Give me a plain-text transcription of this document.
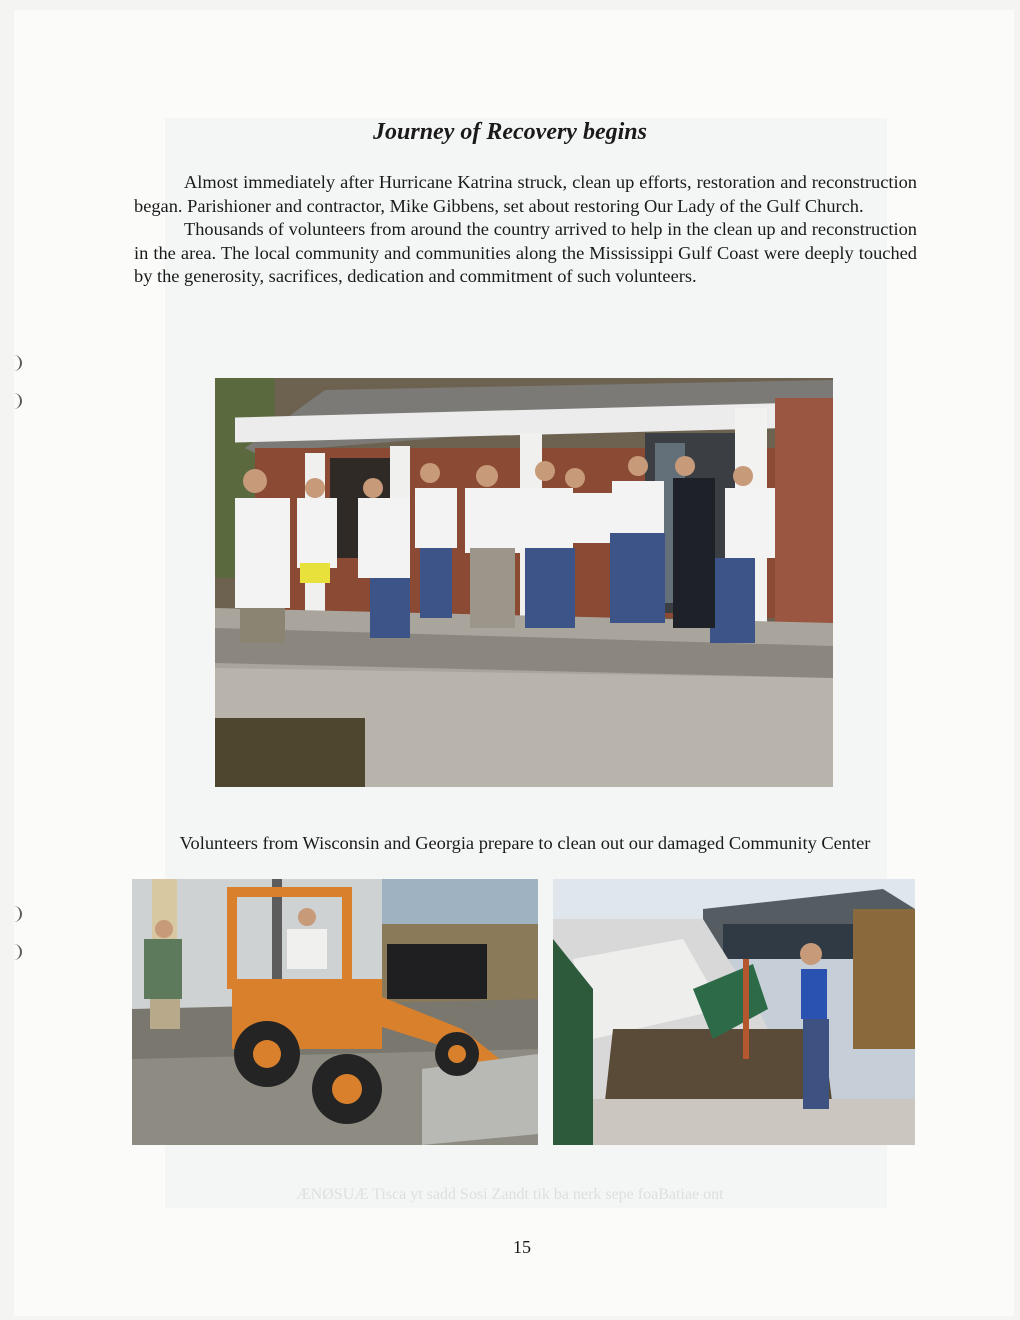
Journey of Recovery begins

Almost immediately after Hurricane Katrina struck, clean up efforts, restoration and reconstruction began. Parishioner and contractor, Mike Gibbens, set about restoring Our Lady of the Gulf Church.

Thousands of volunteers from around the country arrived to help in the clean up and reconstruction in the area. The local community and communities along the Mississippi Gulf Coast were deeply touched by the generosity, sacrifices, dedication and commitment of such volunteers.

Volunteers from Wisconsin and Georgia prepare to clean out our damaged Community Center

ÆNØSUÆ Tisca yt sadd Sosi Zandt tik ba nerk sepe foaBatiae ont
15
